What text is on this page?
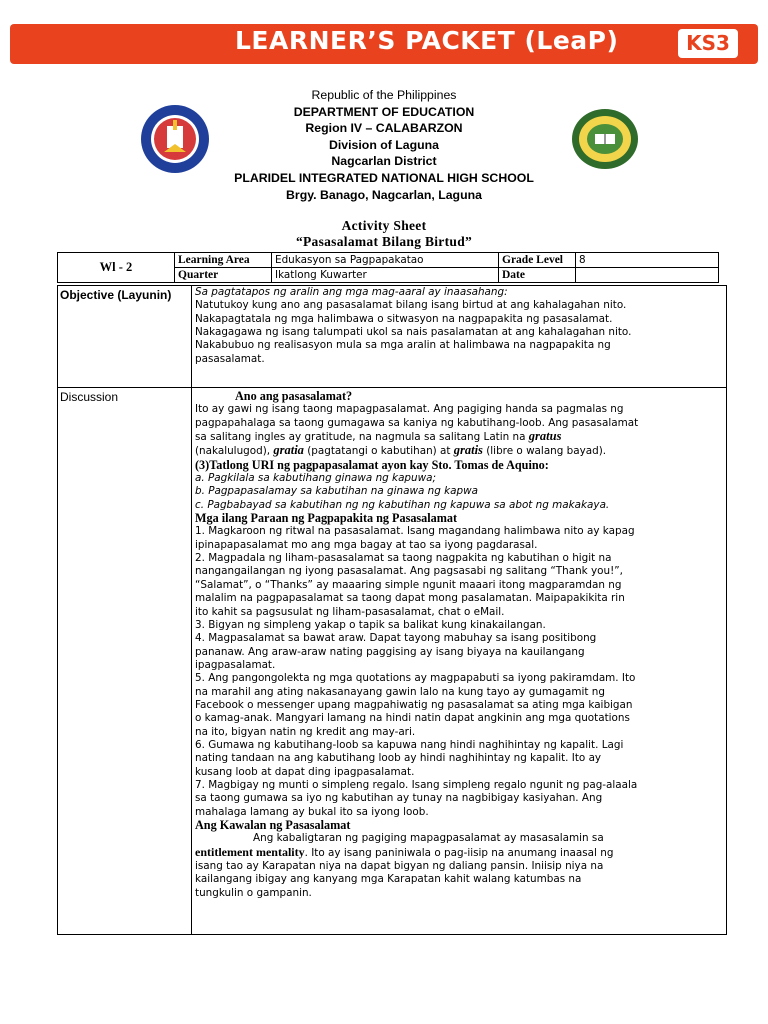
LEARNER’S PACKET (LeaP)	KS3
Republic of the Philippines
DEPARTMENT OF EDUCATION
Region IV – CALABARZON
Division of Laguna
Nagcarlan District
PLARIDEL INTEGRATED NATIONAL HIGH SCHOOL
Brgy. Banago, Nagcarlan, Laguna
Activity Sheet
“Pasasalamat Bilang Birtud”
Wl - 2	Learning Area	Edukasyon sa Pagpapakatao	Grade Level	8
	Quarter	Ikatlong Kuwarter	Date	
Objective (Layunin) Sa pagtatapos ng aralin ang mga mag-aaral ay inaasahang:
Natutukoy kung ano ang pasasalamat bilang isang birtud at ang kahalagahan nito.
Nakapagtatala ng mga halimbawa o sitwasyon na nagpapakita ng pasasalamat.
Nakagagawa ng isang talumpati ukol sa nais pasalamatan at ang kahalagahan nito.
Nakabubuo ng realisasyon mula sa mga aralin at halimbawa na nagpapakita ng
pasasalamat.
Discussion	Ano ang pasasalamat?
Ito ay gawi ng isang taong mapagpasalamat. Ang pagiging handa sa pagmalas ng
pagpapahalaga sa taong gumagawa sa kaniya ng kabutihang-loob. Ang pasasalamat
sa salitang ingles ay gratitude, na nagmula sa salitang Latin na gratus
(nakalulugod), gratia (pagtatangi o kabutihan) at gratis (libre o walang bayad).
(3)Tatlong URI ng pagpapasalamat ayon kay Sto. Tomas de Aquino:
a. Pagkilala sa kabutihang ginawa ng kapuwa;
b. Pagpapasalamay sa kabutihan na ginawa ng kapwa
c. Pagbabayad sa kabutihan ng ng kabutihan ng kapuwa sa abot ng makakaya.
Mga ilang Paraan ng Pagpapakita ng Pasasalamat
1. Magkaroon ng ritwal na pasasalamat. Isang magandang halimbawa nito ay kapag
ipinapapasalamat mo ang mga bagay at tao sa iyong pagdarasal.
2. Magpadala ng liham-pasasalamat sa taong nagpakita ng kabutihan o higit na
nangangailangan ng iyong pasasalamat. Ang pagsasabi ng salitang “Thank you!”,
“Salamat”, o “Thanks” ay maaaring simple ngunit maaari itong magparamdan ng
malalim na pagpapasalamat sa taong dapat mong pasalamatan. Maipapakikita rin
ito kahit sa pagsusulat ng liham-pasasalamat, chat o eMail.
3. Bigyan ng simpleng yakap o tapik sa balikat kung kinakailangan.
4. Magpasalamat sa bawat araw. Dapat tayong mabuhay sa isang positibong
pananaw. Ang araw-araw nating paggising ay isang biyaya na kauilangang
ipagpasalamat.
5. Ang pangongolekta ng mga quotations ay magpapabuti sa iyong pakiramdam. Ito
na marahil ang ating nakasanayang gawin lalo na kung tayo ay gumagamit ng
Facebook o messenger upang magpahiwatig ng pasasalamat sa ating mga kaibigan
o kamag-anak. Mangyari lamang na hindi natin dapat angkinin ang mga quotations
na ito, bigyan natin ng kredit ang may-ari.
6. Gumawa ng kabutihang-loob sa kapuwa nang hindi naghihintay ng kapalit. Lagi
nating tandaan na ang kabutihang loob ay hindi naghihintay ng kapalit. Ito ay
kusang loob at dapat ding ipagpasalamat.
7. Magbigay ng munti o simpleng regalo. Isang simpleng regalo ngunit ng pag-alaala
sa taong gumawa sa iyo ng kabutihan ay tunay na nagbibigay kasiyahan. Ang
mahalaga lamang ay bukal ito sa iyong loob.
Ang Kawalan ng Pasasalamat
Ang kabaligtaran ng pagiging mapagpasalamat ay masasalamin sa
entitlement mentality. Ito ay isang paniniwala o pag-iisip na anumang inaasal ng
isang tao ay Karapatan niya na dapat bigyan ng daliang pansin. Iniisip niya na
kailangang ibigay ang kanyang mga Karapatan kahit walang katumbas na
tungkulin o gampanin.
